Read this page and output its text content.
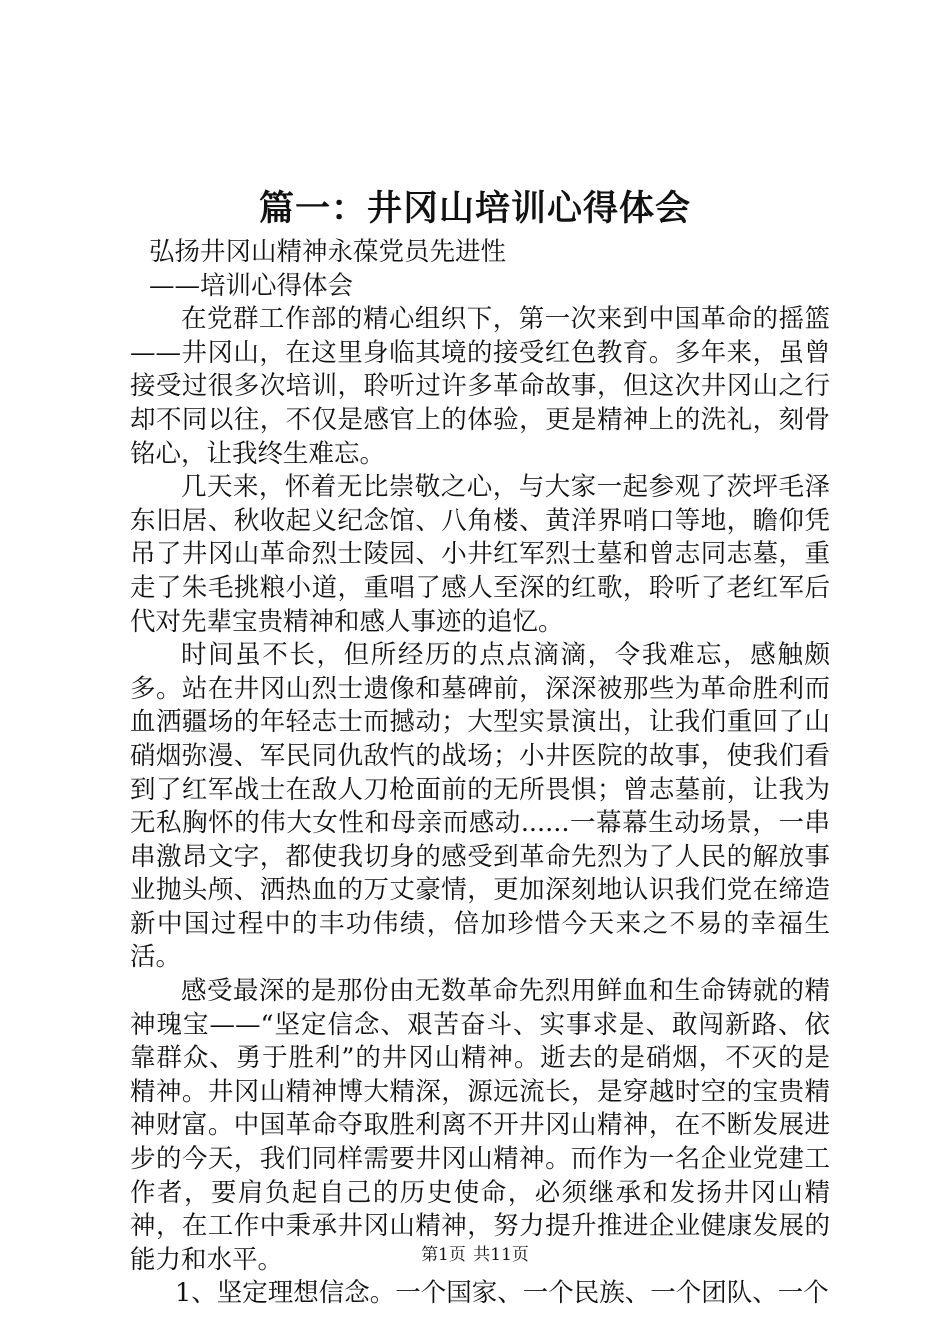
篇一：井冈山培训心得体会

弘扬井冈山精神永葆党员先进性

——培训心得体会

在党群工作部的精心组织下，第一次来到中国革命的摇篮——井冈山，在这里身临其境的接受红色教育。多年来，虽曾接受过很多次培训，聆听过许多革命故事，但这次井冈山之行却不同以往，不仅是感官上的体验，更是精神上的洗礼，刻骨铭心，让我终生难忘。

几天来，怀着无比崇敬之心，与大家一起参观了茨坪毛泽东旧居、秋收起义纪念馆、八角楼、黄洋界哨口等地，瞻仰凭吊了井冈山革命烈士陵园、小井红军烈士墓和曾志同志墓，重走了朱毛挑粮小道，重唱了感人至深的红歌，聆听了老红军后代对先辈宝贵精神和感人事迹的追忆。

时间虽不长，但所经历的点点滴滴，令我难忘，感触颇多。站在井冈山烈士遗像和墓碑前，深深被那些为革命胜利而血洒疆场的年轻志士而撼动；大型实景演出，让我们重回了山硝烟弥漫、军民同仇敌忾的战场；小井医院的故事，使我们看到了红军战士在敌人刀枪面前的无所畏惧；曾志墓前，让我为无私胸怀的伟大女性和母亲而感动......一幕幕生动场景，一串串激昂文字，都使我切身的感受到革命先烈为了人民的解放事业抛头颅、洒热血的万丈豪情，更加深刻地认识我们党在缔造新中国过程中的丰功伟绩，倍加珍惜今天来之不易的幸福生活。

感受最深的是那份由无数革命先烈用鲜血和生命铸就的精神瑰宝——“坚定信念、艰苦奋斗、实事求是、敢闯新路、依靠群众、勇于胜利”的井冈山精神。逝去的是硝烟，不灭的是精神。井冈山精神博大精深，源远流长，是穿越时空的宝贵精神财富。中国革命夺取胜利离不开井冈山精神，在不断发展进步的今天，我们同样需要井冈山精神。而作为一名企业党建工作者，要肩负起自己的历史使命，必须继承和发扬井冈山精神，在工作中秉承井冈山精神，努力提升推进企业健康发展的能力和水平。

1、坚定理想信念。一个国家、一个民族、一个团队、一个

第1页 共11页
